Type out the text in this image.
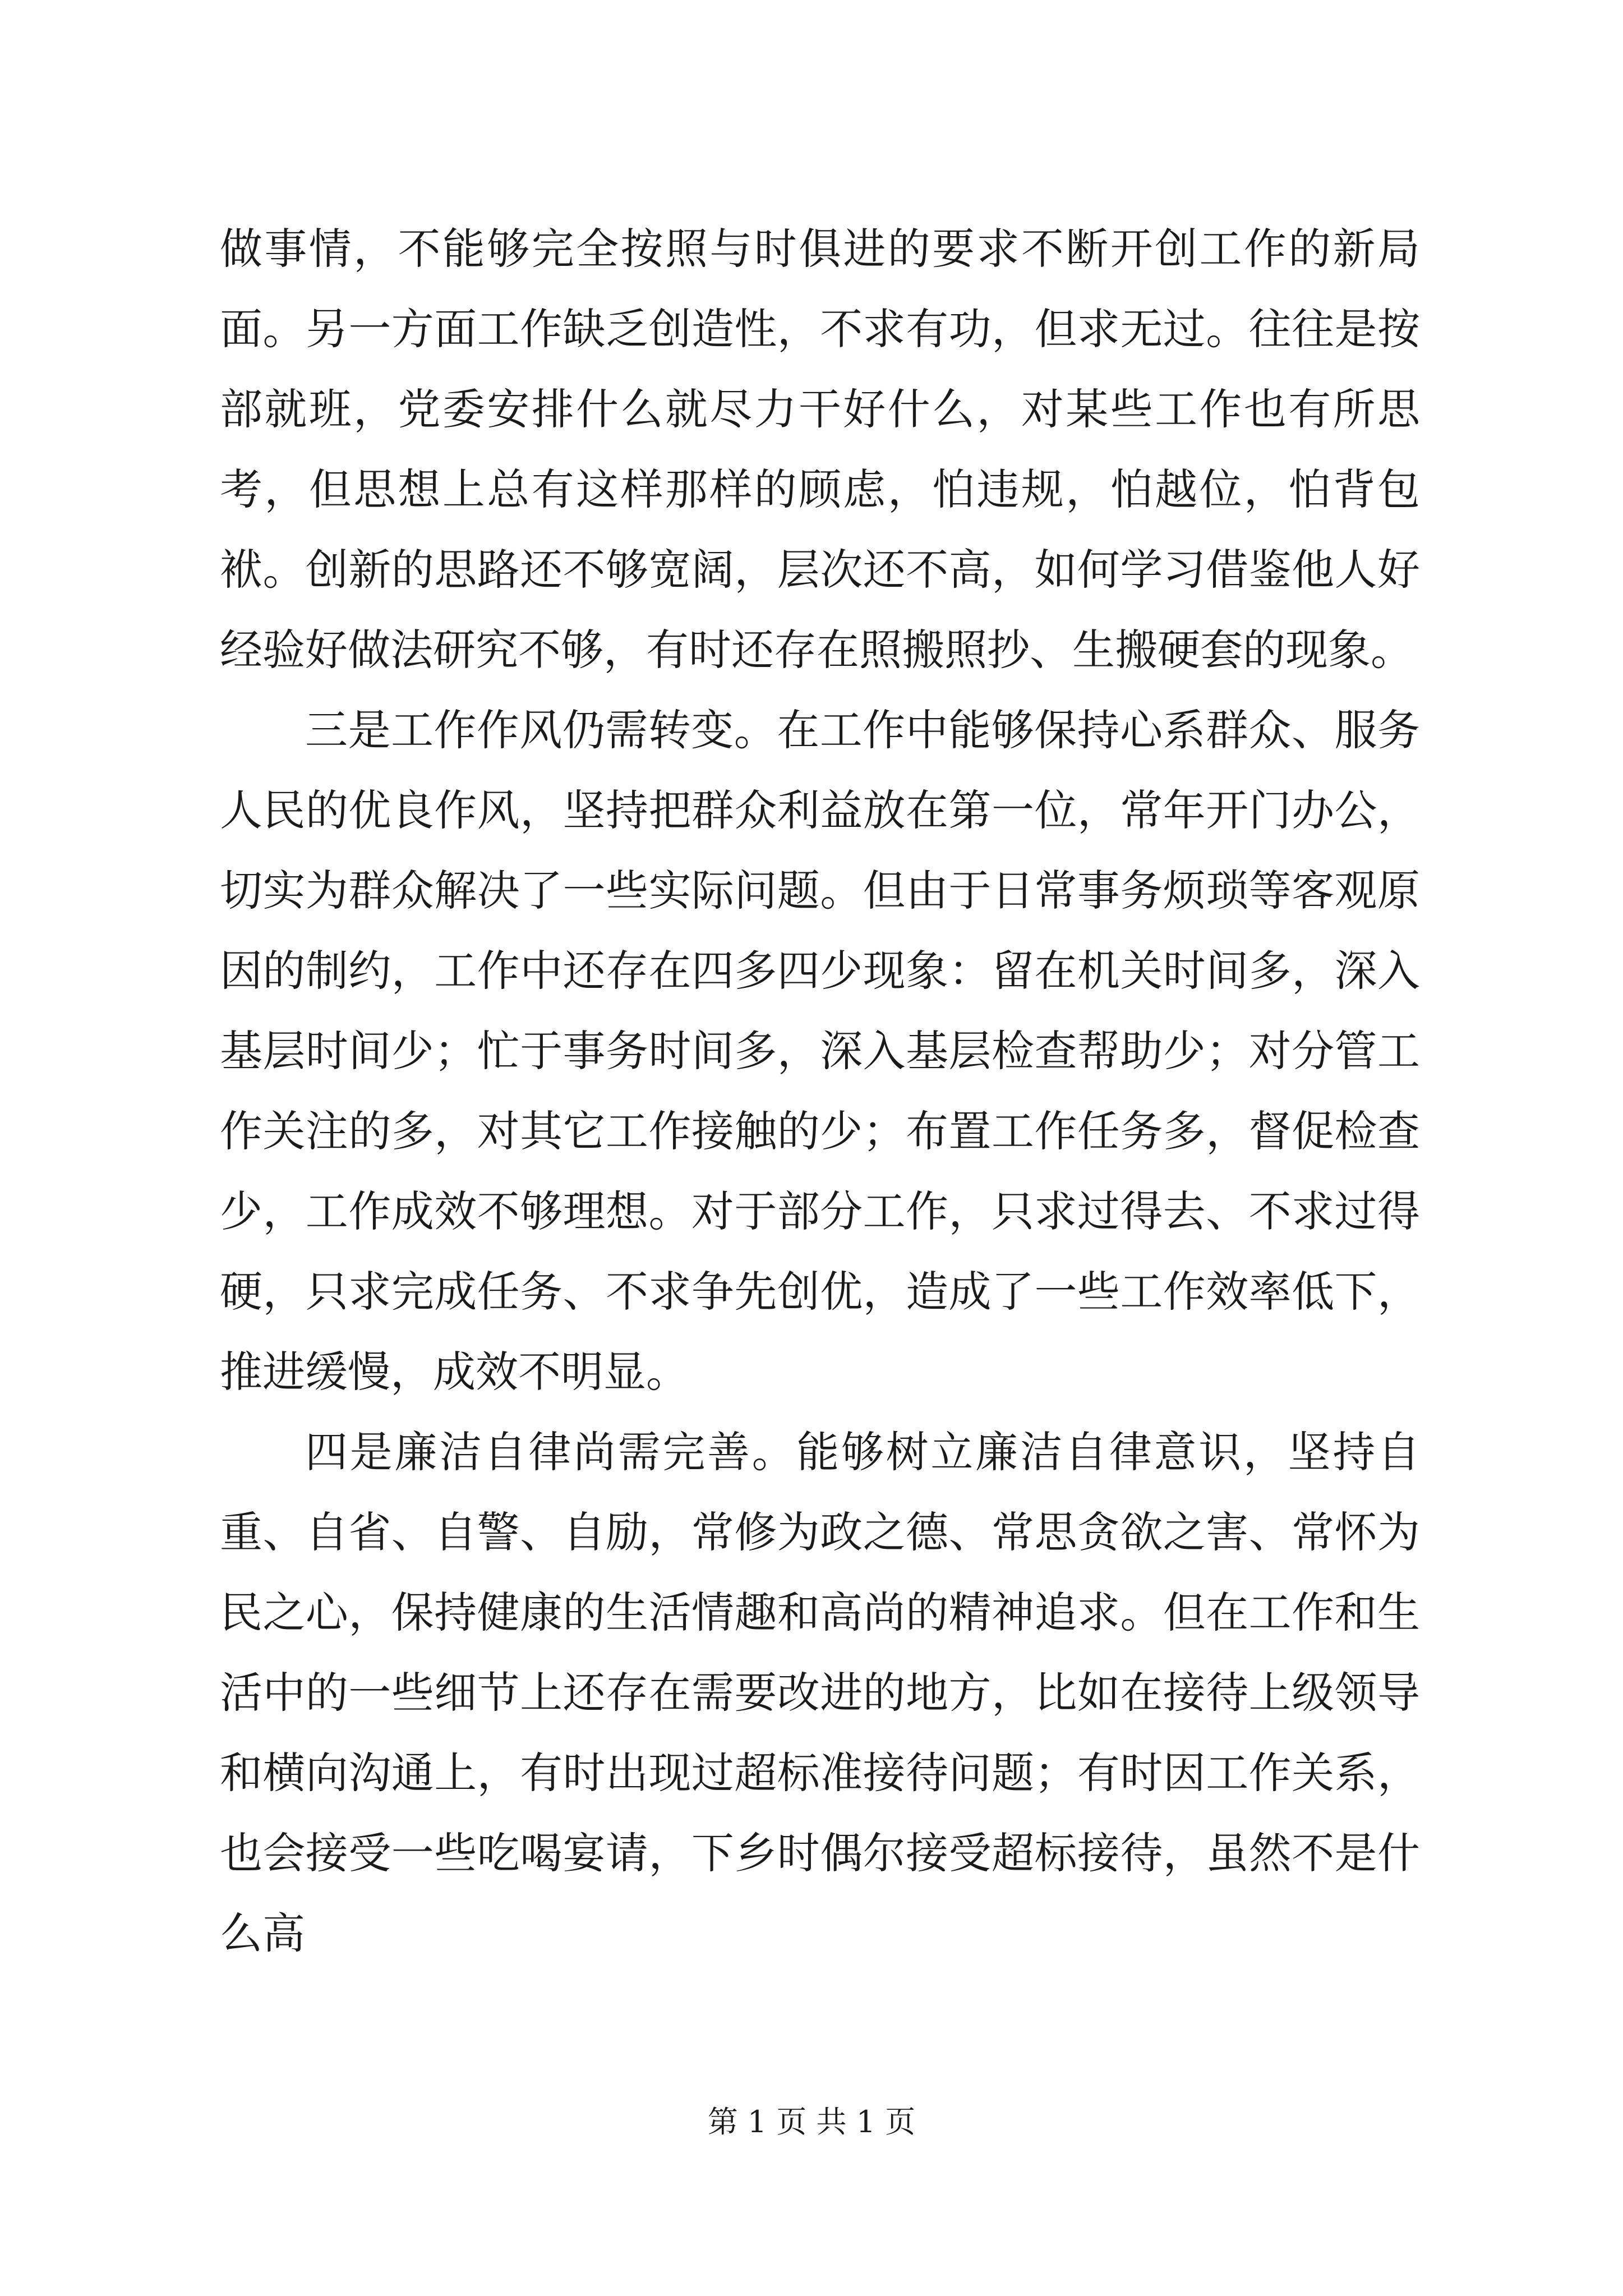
做事情，不能够完全按照与时俱进的要求不断开创工作的新局面。另一方面工作缺乏创造性，不求有功，但求无过。往往是按部就班，党委安排什么就尽力干好什么，对某些工作也有所思考，但思想上总有这样那样的顾虑，怕违规，怕越位，怕背包袱。创新的思路还不够宽阔，层次还不高，如何学习借鉴他人好经验好做法研究不够，有时还存在照搬照抄、生搬硬套的现象。

三是工作作风仍需转变。在工作中能够保持心系群众、服务人民的优良作风，坚持把群众利益放在第一位，常年开门办公，切实为群众解决了一些实际问题。但由于日常事务烦琐等客观原因的制约，工作中还存在四多四少现象：留在机关时间多，深入基层时间少；忙于事务时间多，深入基层检查帮助少；对分管工作关注的多，对其它工作接触的少；布置工作任务多，督促检查少，工作成效不够理想。对于部分工作，只求过得去、不求过得硬，只求完成任务、不求争先创优，造成了一些工作效率低下，推进缓慢，成效不明显。

四是廉洁自律尚需完善。能够树立廉洁自律意识，坚持自重、自省、自警、自励，常修为政之德、常思贪欲之害、常怀为民之心，保持健康的生活情趣和高尚的精神追求。但在工作和生活中的一些细节上还存在需要改进的地方，比如在接待上级领导和横向沟通上，有时出现过超标准接待问题；有时因工作关系，也会接受一些吃喝宴请，下乡时偶尔接受超标接待，虽然不是什么高

第 1 页 共 1 页
